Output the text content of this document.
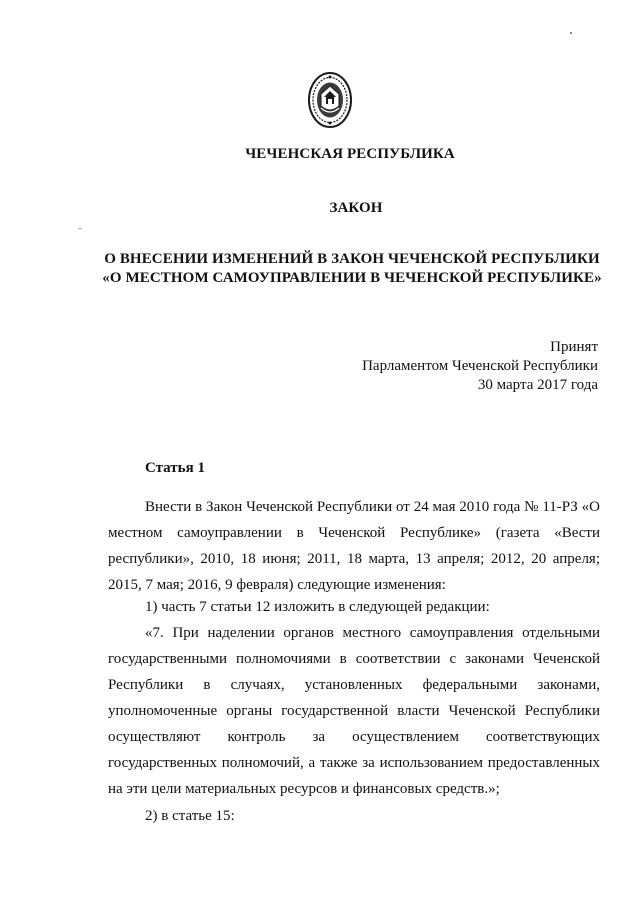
ЧЕЧЕНСКАЯ РЕСПУБЛИКА
ЗАКОН
О ВНЕСЕНИИ ИЗМЕНЕНИЙ В ЗАКОН ЧЕЧЕНСКОЙ РЕСПУБЛИКИ
«О МЕСТНОМ САМОУПРАВЛЕНИИ В ЧЕЧЕНСКОЙ РЕСПУБЛИКЕ»
Принят
Парламентом Чеченской Республики
30 марта 2017 года
Статья 1

Внести в Закон Чеченской Республики от 24 мая 2010 года № 11-РЗ «О местном самоуправлении в Чеченской Республике» (газета «Вести республики», 2010, 18 июня; 2011, 18 марта, 13 апреля; 2012, 20 апреля; 2015, 7 мая; 2016, 9 февраля) следующие изменения:

1) часть 7 статьи 12 изложить в следующей редакции:

«7. При наделении органов местного самоуправления отдельными государственными полномочиями в соответствии с законами Чеченской Республики в случаях, установленных федеральными законами, уполномоченные органы государственной власти Чеченской Республики осуществляют контроль за осуществлением соответствующих государственных полномочий, а также за использованием предоставленных на эти цели материальных ресурсов и финансовых средств.»;

2) в статье 15:
